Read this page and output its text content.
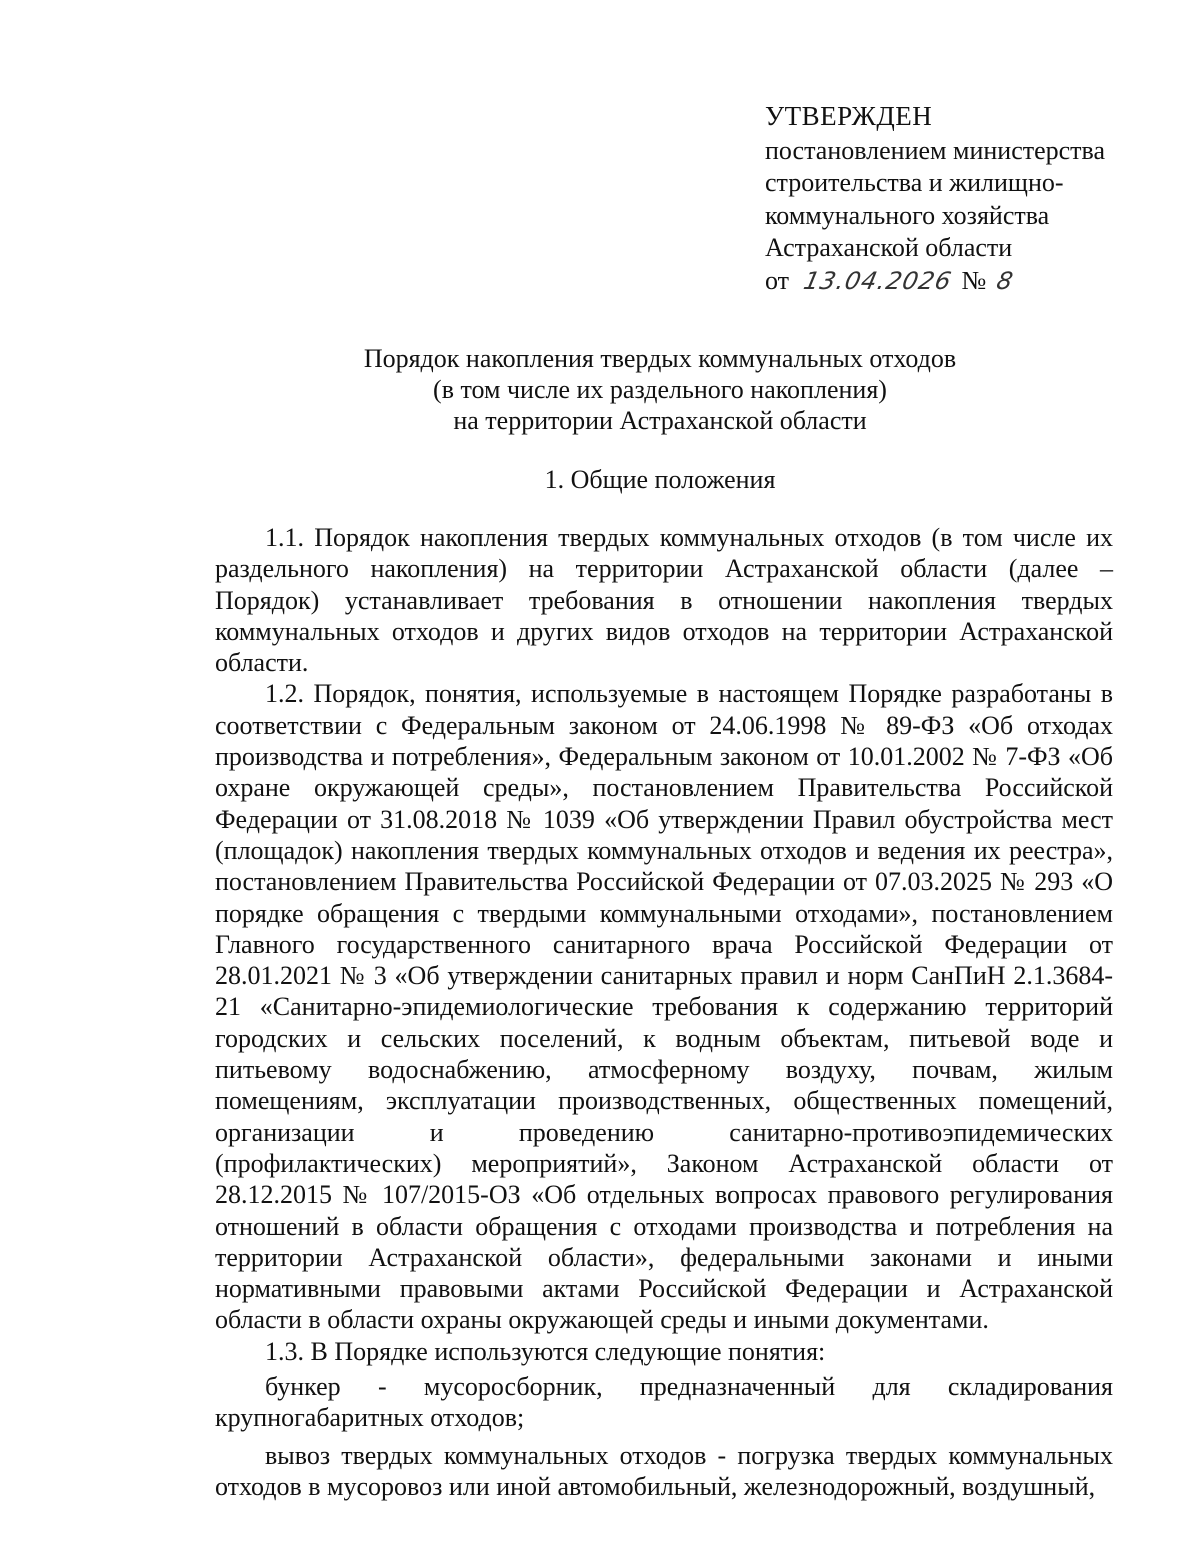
УТВЕРЖДЕН
постановлением министерства
строительства и жилищно-
коммунального хозяйства
Астраханской области
от 13.04.2026 № 8
Порядок накопления твердых коммунальных отходов
(в том числе их раздельного накопления)
на территории Астраханской области
1. Общие положения

1.1. Порядок накопления твердых коммунальных отходов (в том числе их раздельного накопления) на территории Астраханской области (далее – Порядок) устанавливает требования в отношении накопления твердых коммунальных отходов и других видов отходов на территории Астраханской области.

1.2. Порядок, понятия, используемые в настоящем Порядке разработаны в соответствии с Федеральным законом от 24.06.1998 № 89-ФЗ «Об отходах производства и потребления», Федеральным законом от 10.01.2002 № 7-ФЗ «Об охране окружающей среды», постановлением Правительства Российской Федерации от 31.08.2018 № 1039 «Об утверждении Правил обустройства мест (площадок) накопления твердых коммунальных отходов и ведения их реестра», постановлением Правительства Российской Федерации от 07.03.2025 № 293 «О порядке обращения с твердыми коммунальными отходами», постановлением Главного государственного санитарного врача Российской Федерации от 28.01.2021 № 3 «Об утверждении санитарных правил и норм СанПиН 2.1.3684-21 «Санитарно-эпидемиологические требования к содержанию территорий городских и сельских поселений, к водным объектам, питьевой воде и питьевому водоснабжению, атмосферному воздуху, почвам, жилым помещениям, эксплуатации производственных, общественных помещений, организации и проведению санитарно-противоэпидемических (профилактических) мероприятий», Законом Астраханской области от 28.12.2015 № 107/2015-ОЗ «Об отдельных вопросах правового регулирования отношений в области обращения с отходами производства и потребления на территории Астраханской области», федеральными законами и иными нормативными правовыми актами Российской Федерации и Астраханской области в области охраны окружающей среды и иными документами.

1.3. В Порядке используются следующие понятия:

бункер - мусоросборник, предназначенный для складирования крупногабаритных отходов;

вывоз твердых коммунальных отходов - погрузка твердых коммунальных отходов в мусоровоз или иной автомобильный, железнодорожный, воздушный,
